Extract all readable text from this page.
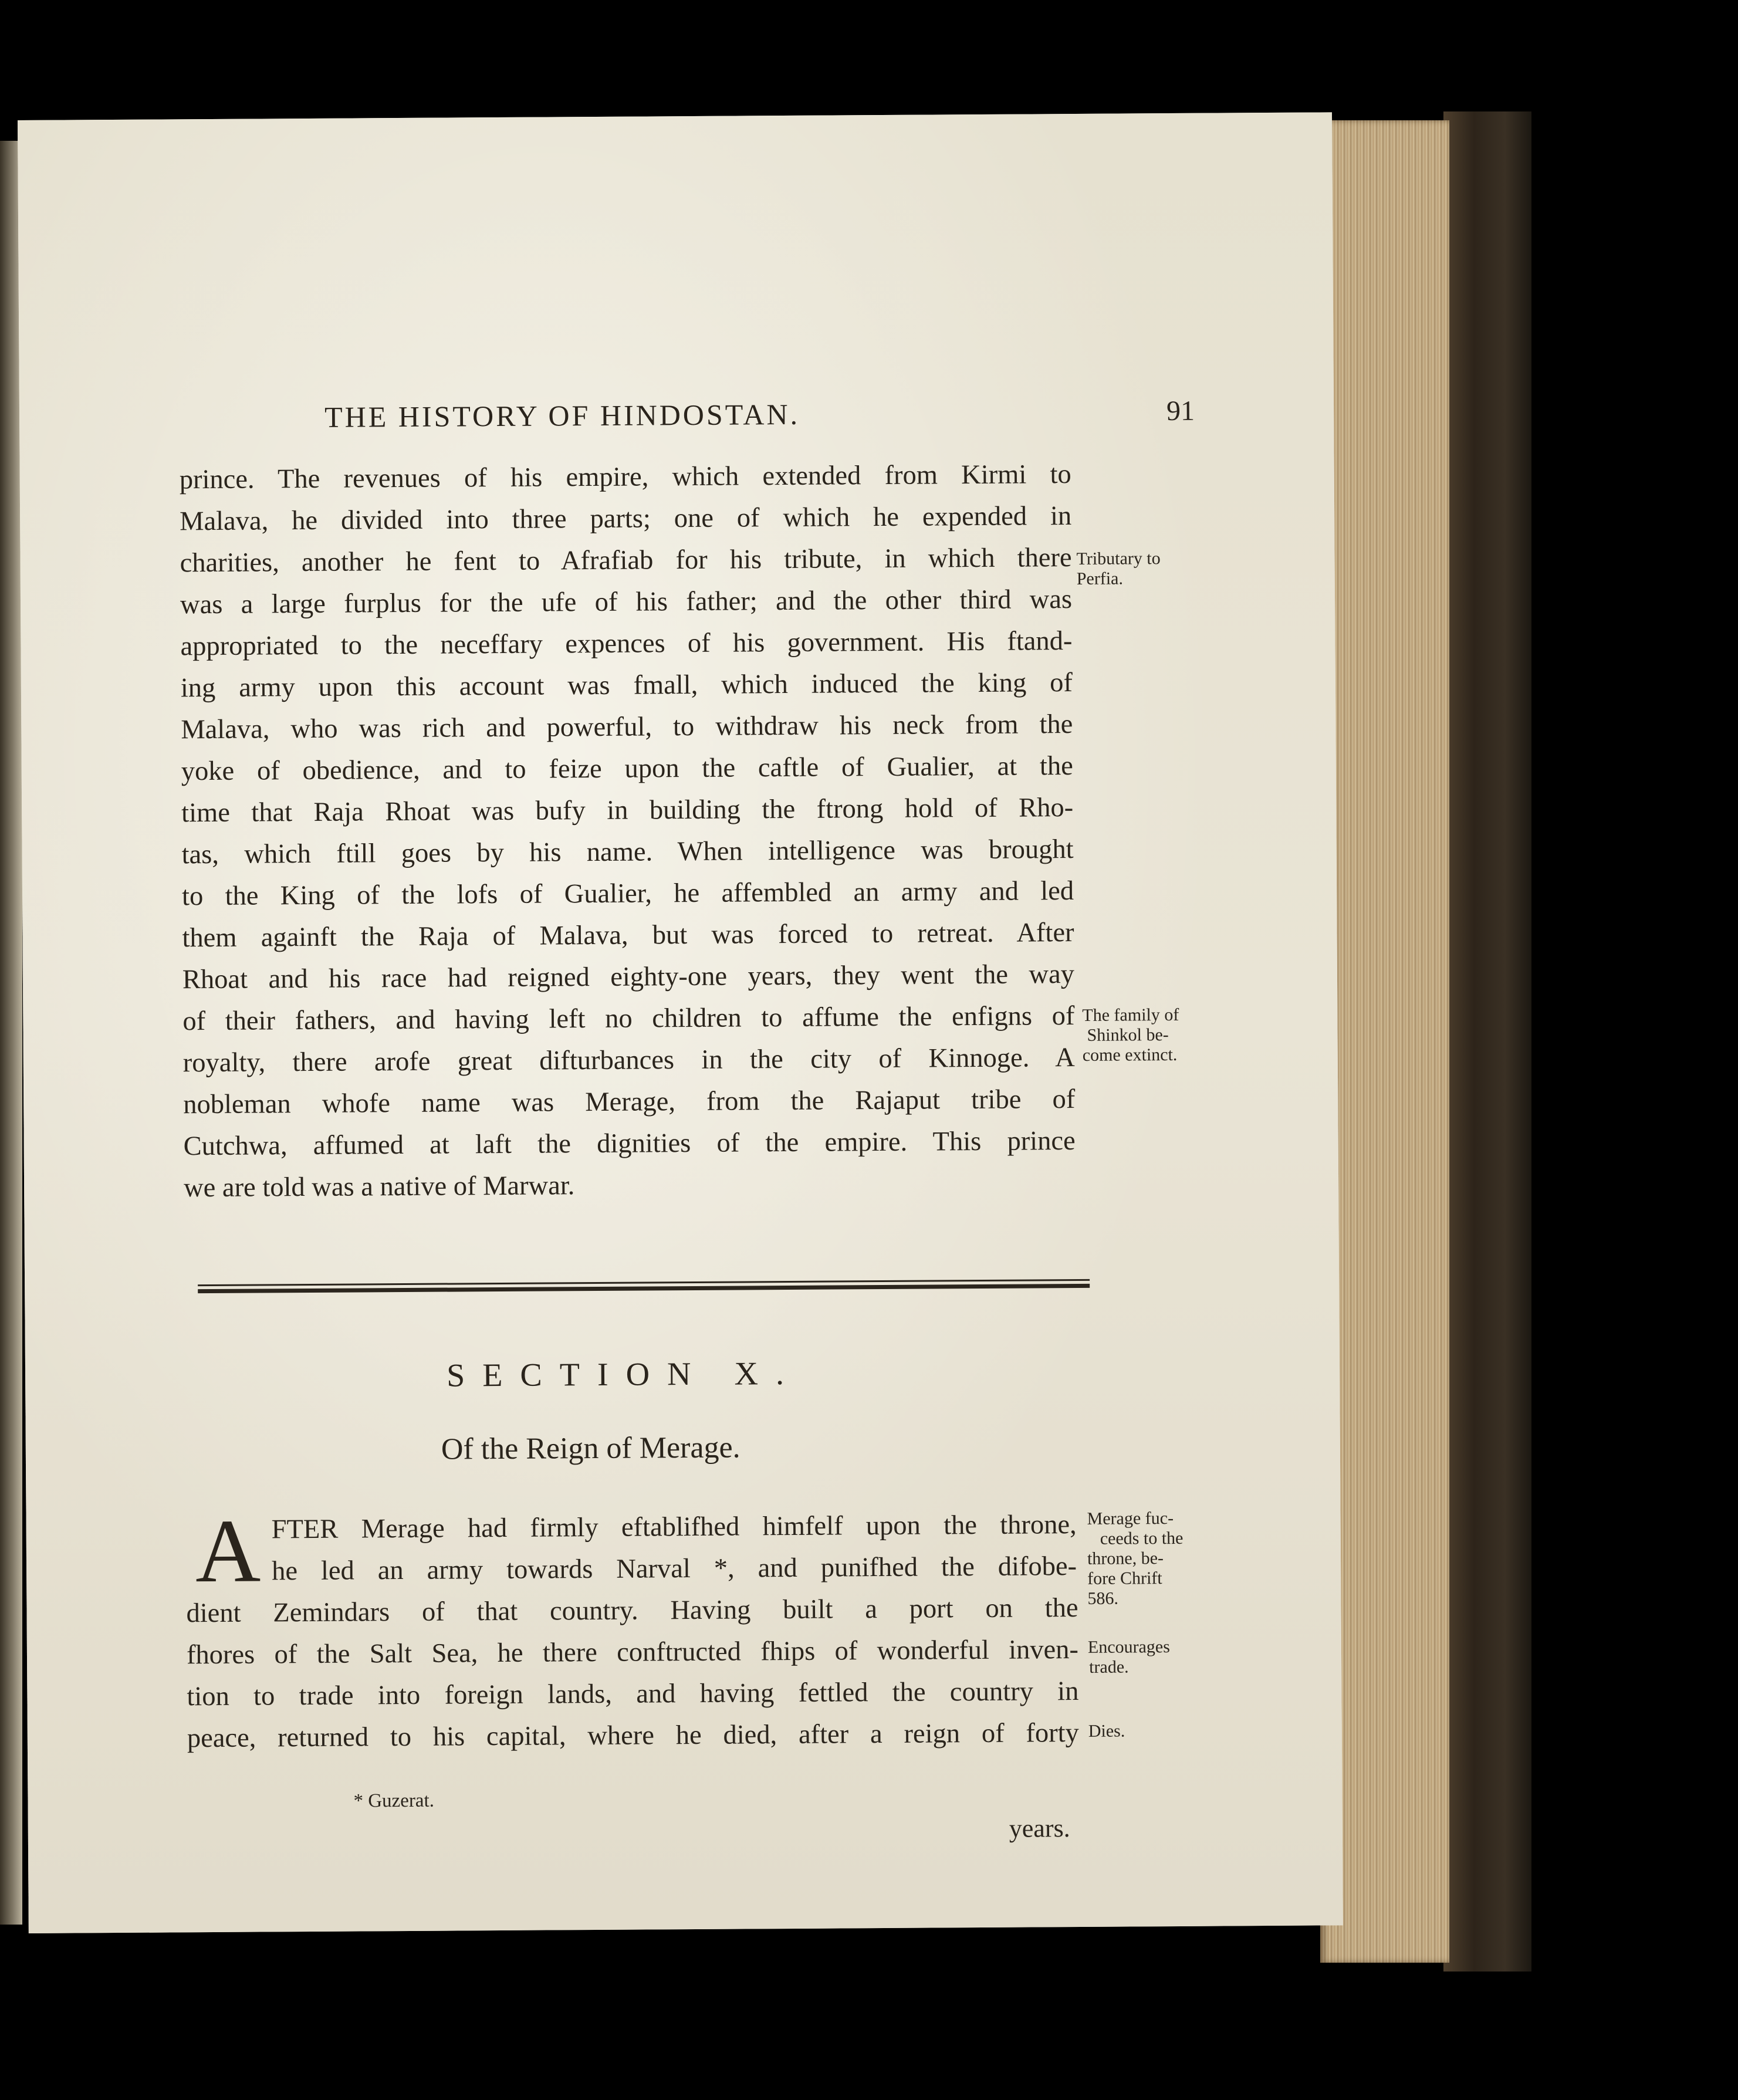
THE HISTORY OF HINDOSTAN.	91
prince. The revenues of his empire, which extended from Kirmi to
Malava, he divided into three parts; one of which he expended in
charities, another he fent to Afrafiab for his tribute, in which there
was a large furplus for the ufe of his father; and the other third was
appropriated to the neceffary expences of his government. His ftand-
ing army upon this account was fmall, which induced the king of
Malava, who was rich and powerful, to withdraw his neck from the
yoke of obedience, and to feize upon the caftle of Gualier, at the
time that Raja Rhoat was bufy in building the ftrong hold of Rho-
tas, which ftill goes by his name. When intelligence was brought
to the King of the lofs of Gualier, he affembled an army and led
them againft the Raja of Malava, but was forced to retreat. After
Rhoat and his race had reigned eighty-one years, they went the way
of their fathers, and having left no children to affume the enfigns of
royalty, there arofe great difturbances in the city of Kinnoge. A
nobleman whofe name was Merage, from the Rajaput tribe of
Cutchwa, affumed at laft the dignities of the empire. This prince
we are told was a native of Marwar.
Tributary to
Perfia.
The family of
Shinkol be-
come extinct.
SECTION X.
Of the Reign of Merage.
A FTER Merage had firmly eftablifhed himfelf upon the throne,
he led an army towards Narval *, and punifhed the difobe-
dient Zemindars of that country. Having built a port on the
fhores of the Salt Sea, he there conftructed fhips of wonderful inven-
tion to trade into foreign lands, and having fettled the country in
peace, returned to his capital, where he died, after a reign of forty
Merage fuc-
ceeds to the
throne, be-
fore Chrift
586.
Encourages
trade.
Dies.
* Guzerat.
years.
